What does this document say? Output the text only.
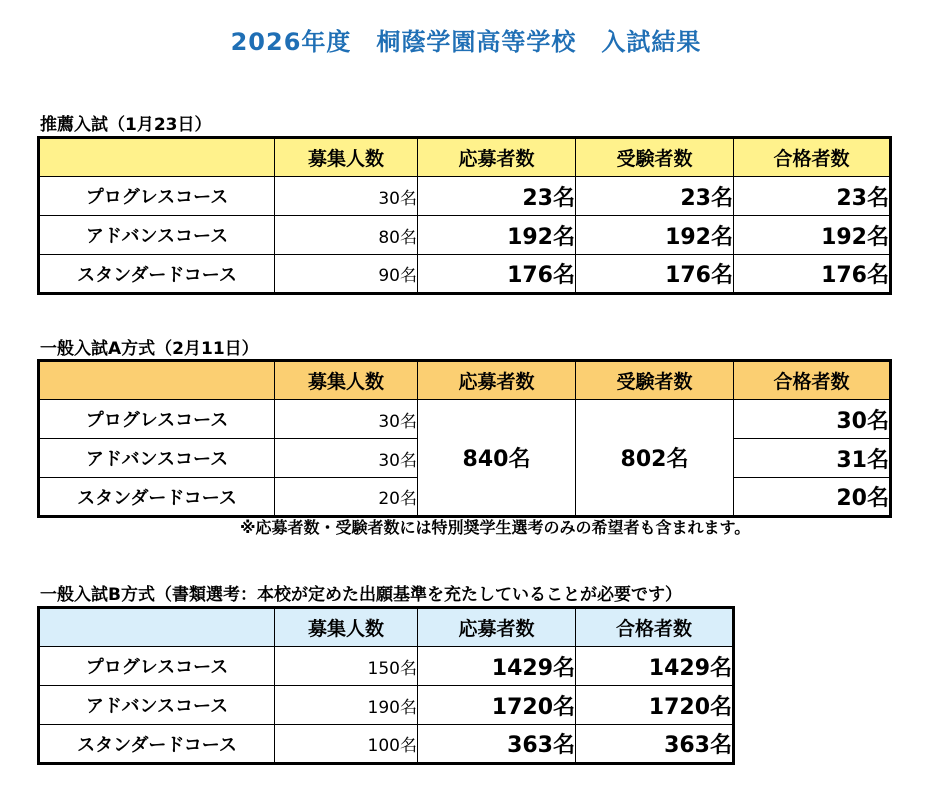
2026年度　桐蔭学園高等学校　入試結果
推薦入試（1月23日）
	募集人数	応募者数	受験者数	合格者数
プログレスコース	30名	23名	23名	23名
アドバンスコース	80名	192名	192名	192名
スタンダードコース	90名	176名	176名	176名
一般入試A方式（2月11日）
	募集人数	応募者数	受験者数	合格者数
プログレスコース	30名	840名	802名	30名
アドバンスコース	30名			31名
スタンダードコース	20名			20名
※応募者数・受験者数には特別奨学生選考のみの希望者も含まれます。
一般入試B方式（書類選考：本校が定めた出願基準を充たしていることが必要です）
	募集人数	応募者数	合格者数
プログレスコース	150名	1429名	1429名
アドバンスコース	190名	1720名	1720名
スタンダードコース	100名	363名	363名
